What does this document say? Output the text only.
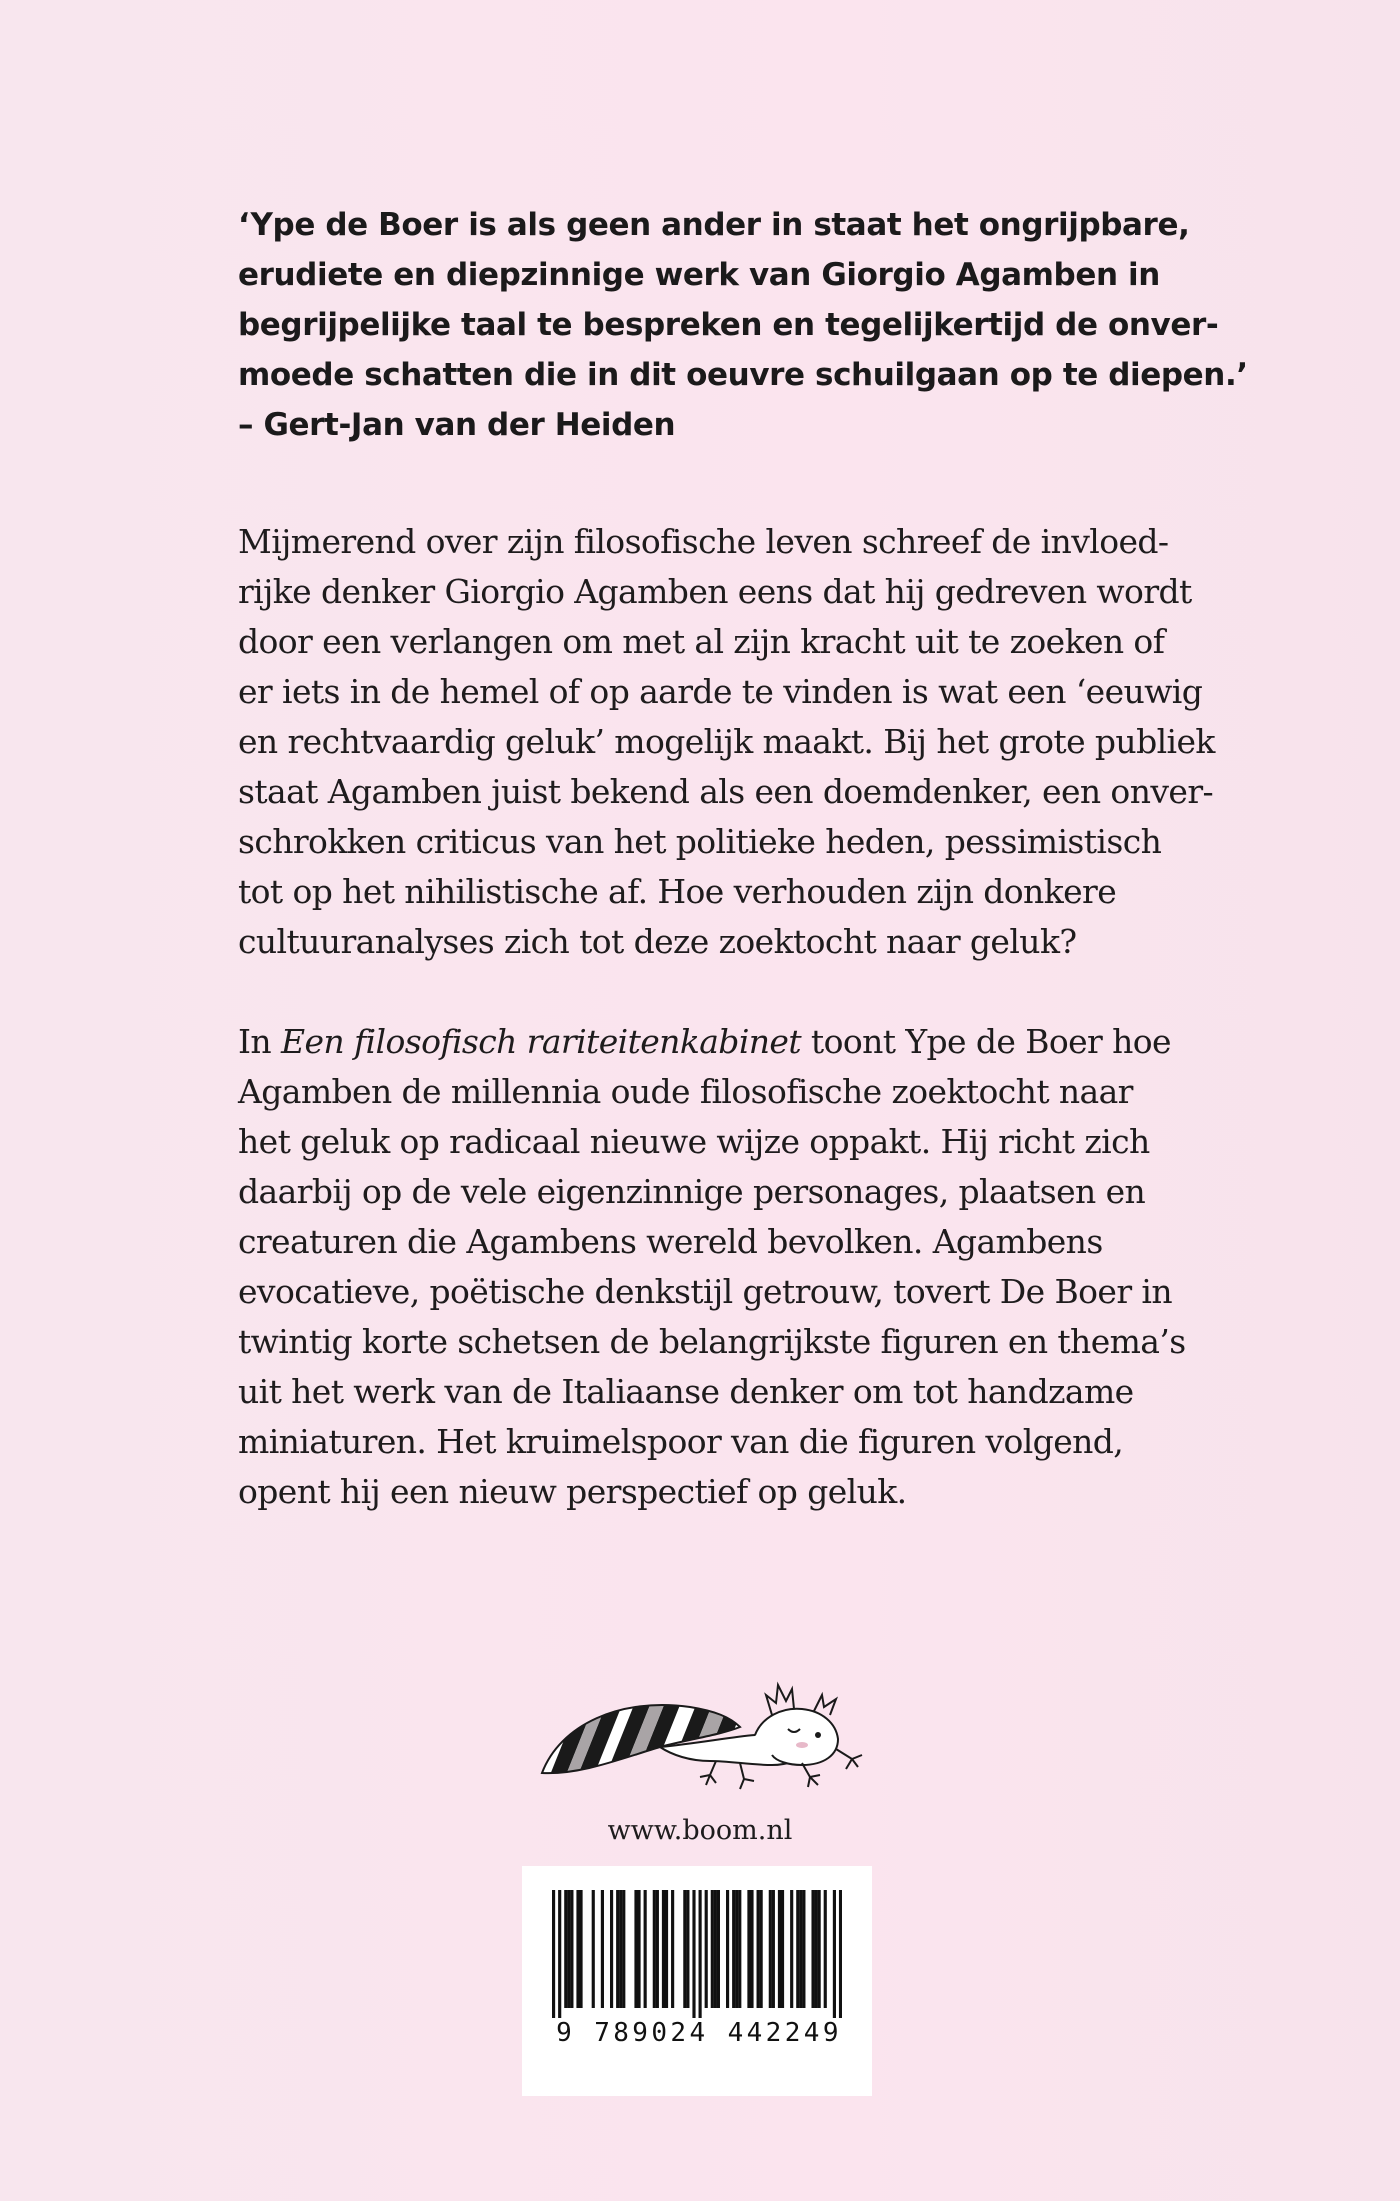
‘Ype de Boer is als geen ander in staat het ongrijpbare,
erudiete en diepzinnige werk van Giorgio Agamben in
begrijpelijke taal te bespreken en tegelijkertijd de onver-
moede schatten die in dit oeuvre schuilgaan op te diepen.’
– Gert-Jan van der Heiden
Mijmerend over zijn filosofische leven schreef de invloed-
rijke denker Giorgio Agamben eens dat hij gedreven wordt
door een verlangen om met al zijn kracht uit te zoeken of
er iets in de hemel of op aarde te vinden is wat een ‘eeuwig
en rechtvaardig geluk’ mogelijk maakt. Bij het grote publiek
staat Agamben juist bekend als een doemdenker, een onver-
schrokken criticus van het politieke heden, pessimistisch
tot op het nihilistische af. Hoe verhouden zijn donkere
cultuuranalyses zich tot deze zoektocht naar geluk?
In Een filosofisch rariteitenkabinet toont Ype de Boer hoe
Agamben de millennia oude filosofische zoektocht naar
het geluk op radicaal nieuwe wijze oppakt. Hij richt zich
daarbij op de vele eigenzinnige personages, plaatsen en
creaturen die Agambens wereld bevolken. Agambens
evocatieve, poëtische denkstijl getrouw, tovert De Boer in
twintig korte schetsen de belangrijkste figuren en thema’s
uit het werk van de Italiaanse denker om tot handzame
miniaturen. Het kruimelspoor van die figuren volgend,
opent hij een nieuw perspectief op geluk.
www.boom.nl
9 789024 442249
